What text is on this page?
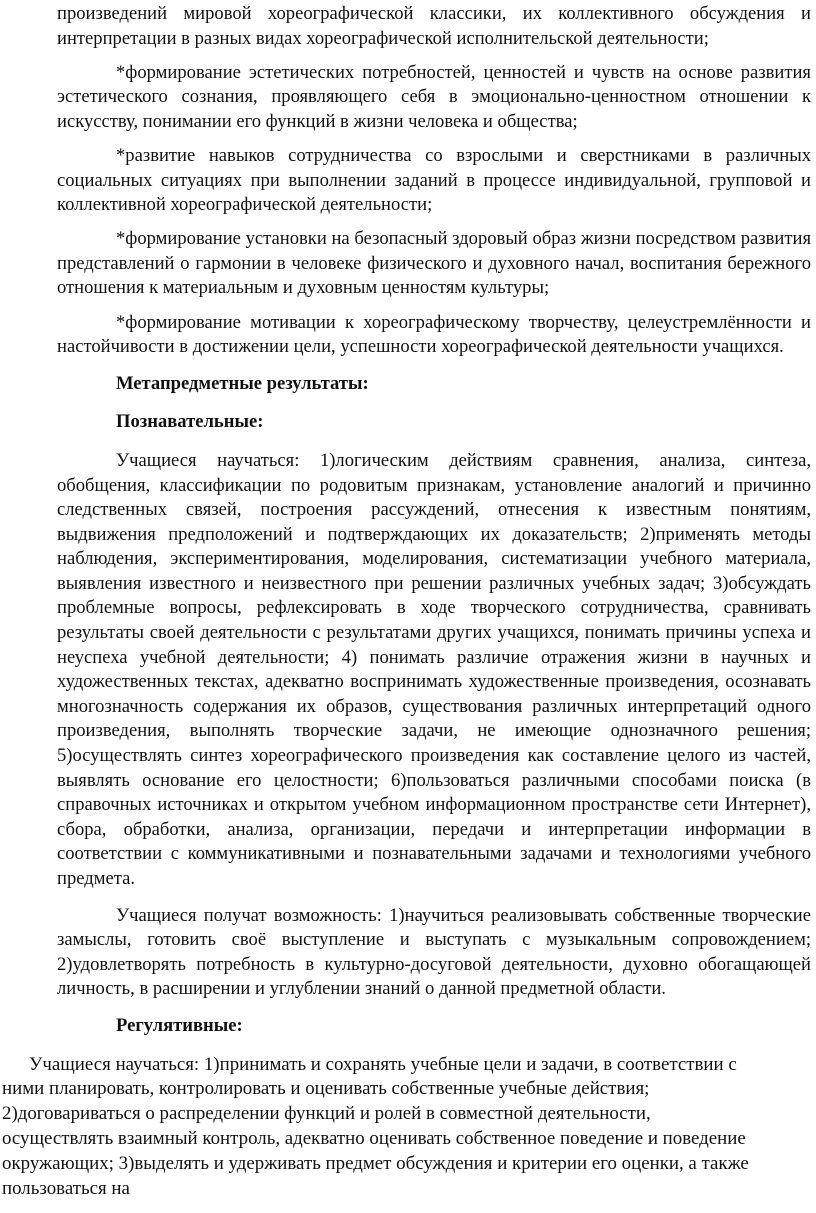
произведений мировой хореографической классики, их коллективного обсуждения и интерпретации в разных видах хореографической исполнительской деятельности;

*формирование эстетических потребностей, ценностей и чувств на основе развития эстетического сознания, проявляющего себя в эмоционально-ценностном отношении к искусству, понимании его функций в жизни человека и общества;

*развитие навыков сотрудничества со взрослыми и сверстниками в различных социальных ситуациях при выполнении заданий в процессе индивидуальной, групповой и коллективной хореографической деятельности;

*формирование установки на безопасный здоровый образ жизни посредством развития представлений о гармонии в человеке физического и духовного начал, воспитания бережного отношения к материальным и духовным ценностям культуры;

*формирование мотивации к хореографическому творчеству, целеустремлённости и настойчивости в достижении цели, успешности хореографической деятельности учащихся.

Метапредметные результаты:

Познавательные:

Учащиеся научаться: 1)логическим действиям сравнения, анализа, синтеза, обобщения, классификации по родовитым признакам, установление аналогий и причинно следственных связей, построения рассуждений, отнесения к известным понятиям, выдвижения предположений и подтверждающих их доказательств; 2)применять методы наблюдения, экспериментирования, моделирования, систематизации учебного материала, выявления известного и неизвестного при решении различных учебных задач; 3)обсуждать проблемные вопросы, рефлексировать в ходе творческого сотрудничества, сравнивать результаты своей деятельности с результатами других учащихся, понимать причины успеха и неуспеха учебной деятельности; 4) понимать различие отражения жизни в научных и художественных текстах, адекватно воспринимать художественные произведения, осознавать многозначность содержания их образов, существования различных интерпретаций одного произведения, выполнять творческие задачи, не имеющие однозначного решения; 5)осуществлять синтез хореографического произведения как составление целого из частей, выявлять основание его целостности; 6)пользоваться различными способами поиска (в справочных источниках и открытом учебном информационном пространстве сети Интернет), сбора, обработки, анализа, организации, передачи и интерпретации информации в соответствии с коммуникативными и познавательными задачами и технологиями учебного предмета.

Учащиеся получат возможность: 1)научиться реализовывать собственные творческие замыслы, готовить своё выступление и выступать с музыкальным сопровождением; 2)удовлетворять потребность в культурно-досуговой деятельности, духовно обогащающей личность, в расширении и углублении знаний о данной предметной области.

Регулятивные:

Учащиеся научаться: 1)принимать и сохранять учебные цели и задачи, в соответствии с ними планировать, контролировать и оценивать собственные учебные действия; 2)договариваться о распределении функций и ролей в совместной деятельности, осуществлять взаимный контроль, адекватно оценивать собственное поведение и поведение окружающих; 3)выделять и удерживать предмет обсуждения и критерии его оценки, а также пользоваться на
